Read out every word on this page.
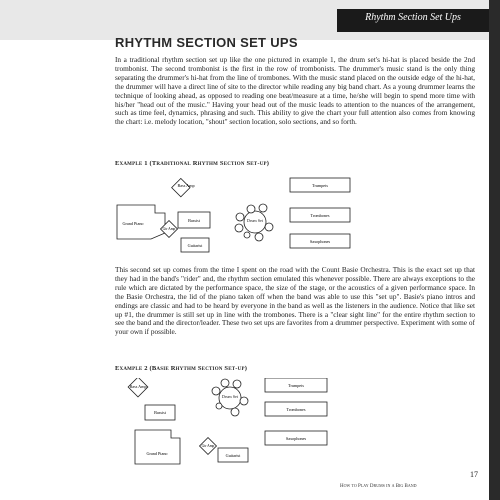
Rhythm Section Set Ups
RHYTHM SECTION SET UPS
In a traditional rhythm section set up like the one pictured in example 1, the drum set's hi-hat is placed beside the 2nd trombonist. The second trombonist is the first in the row of trombonists. The drummer's music stand is the only thing separating the drummer's hi-hat from the line of trombones. With the music stand placed on the outside edge of the hi-hat, the drummer will have a direct line of site to the director while reading any big band chart. As a young drummer learns the technique of looking ahead, as opposed to reading one beat/measure at a time, he/she will begin to spend more time with his/her "head out of the music." Having your head out of the music leads to attention to the nuances of the arrangement, such as time feel, dynamics, phrasing and such. This ability to give the chart your full attention also comes from knowing the chart: i.e. melody location, "shout" section location, solo sections, and so forth.
Example 1 (Traditional Rhythm Section Set-up)
Bass Amp
Grand Piano
Bassist
Gtr Amp
Guitarist
Drum Set
Trumpets
Trombones
Saxophones
This second set up comes from the time I spent on the road with the Count Basie Orchestra. This is the exact set up that they had in the band's "rider" and, the rhythm section emulated this whenever possible. There are always exceptions to the rule which are dictated by the performance space, the size of the stage, or the acoustics of a given performance space. In the Basie Orchestra, the lid of the piano taken off when the band was able to use this "set up". Basie's piano intros and endings are classic and had to be heard by everyone in the band as well as the listeners in the audience. Notice that like set up #1, the drummer is still set up in line with the trombones. There is a "clear sight line" for the entire rhythm section to see the band and the director/leader. These two set ups are favorites from a drummer perspective. Experiment with some of your own if possible.
Example 2 (Basie Rhythm Section Set-up)
Bass Amp
Bassist
Drum Set
Grand Piano
Gtr Amp
Guitarist
Trumpets
Trombones
Saxophones
17
How to Play Drums in a Big Band
